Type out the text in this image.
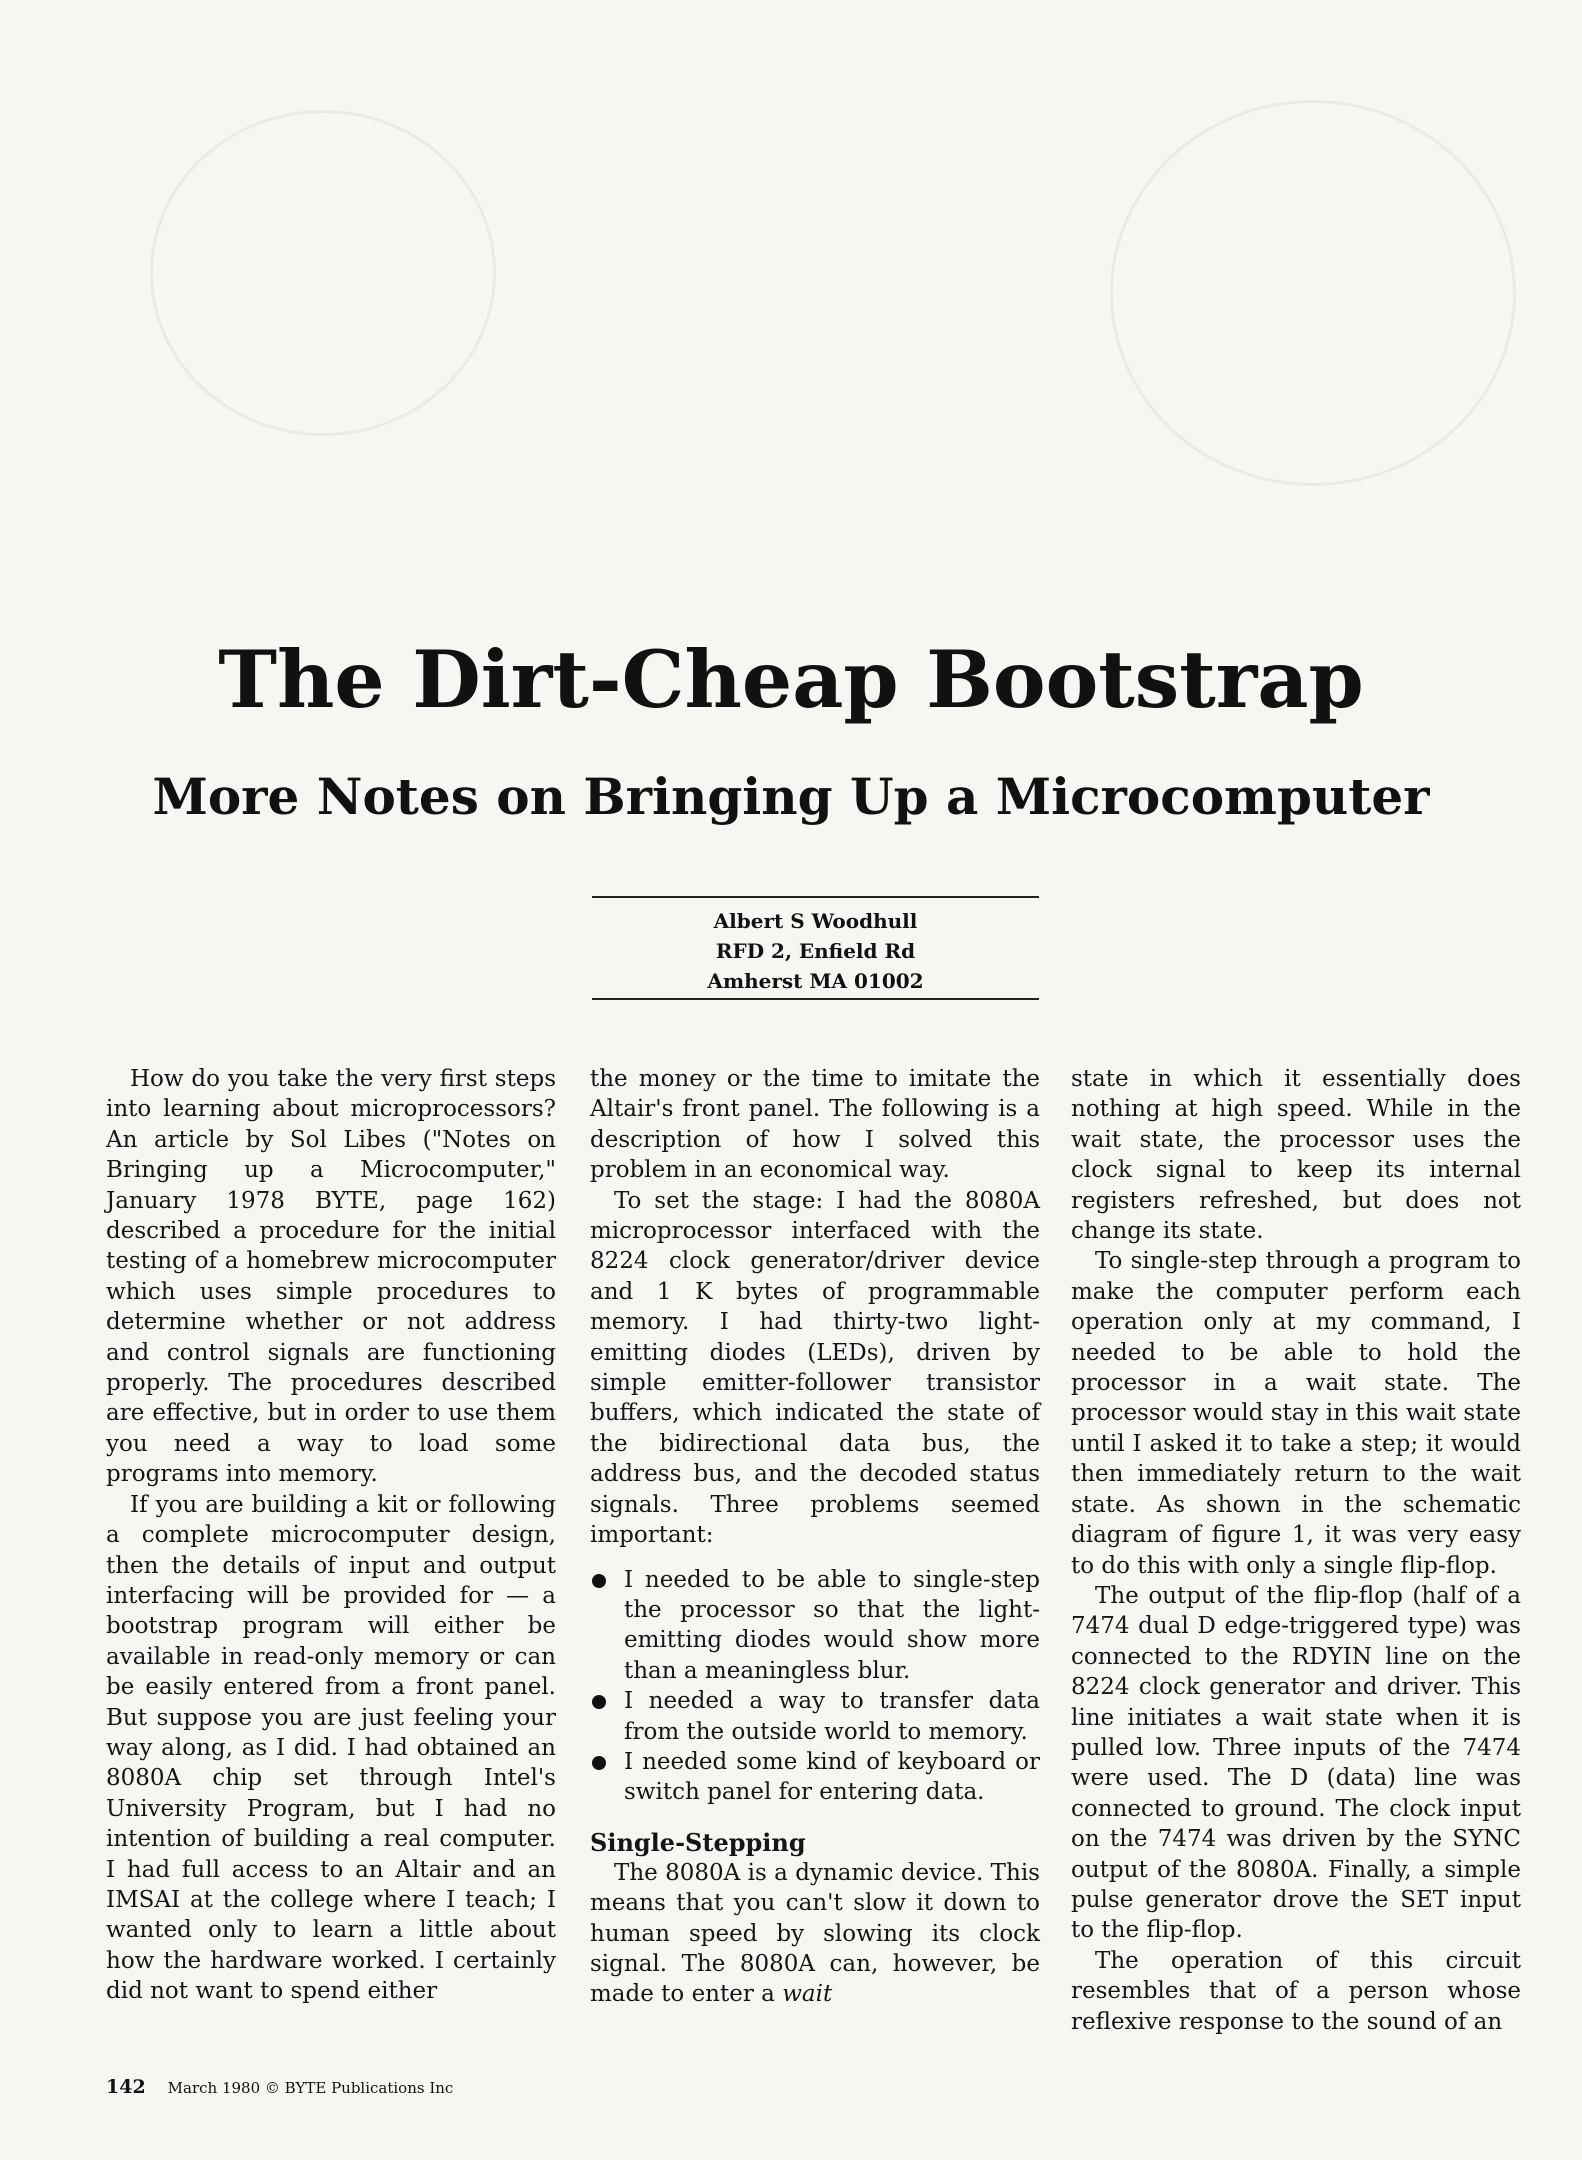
The Dirt-Cheap Bootstrap
More Notes on Bringing Up a Microcomputer
Albert S Woodhull
RFD 2, Enfield Rd
Amherst MA 01002

How do you take the very first steps into learning about microprocessors? An article by Sol Libes ("Notes on Bringing up a Microcomputer," January 1978 BYTE, page 162) described a procedure for the initial testing of a homebrew microcomputer which uses simple procedures to determine whether or not address and control signals are functioning properly. The procedures described are effective, but in order to use them you need a way to load some programs into memory.

If you are building a kit or following a complete microcomputer design, then the details of input and output interfacing will be provided for — a bootstrap program will either be available in read-only memory or can be easily entered from a front panel. But suppose you are just feeling your way along, as I did. I had obtained an 8080A chip set through Intel's University Program, but I had no intention of building a real computer. I had full access to an Altair and an IMSAI at the college where I teach; I wanted only to learn a little about how the hardware worked. I certainly did not want to spend either

the money or the time to imitate the Altair's front panel. The following is a description of how I solved this problem in an economical way.

To set the stage: I had the 8080A microprocessor interfaced with the 8224 clock generator/driver device and 1 K bytes of programmable memory. I had thirty-two light-emitting diodes (LEDs), driven by simple emitter-follower transistor buffers, which indicated the state of the bidirectional data bus, the address bus, and the decoded status signals. Three problems seemed important:

I needed to be able to single-step the processor so that the light-emitting diodes would show more than a meaningless blur.
I needed a way to transfer data from the outside world to memory.
I needed some kind of keyboard or switch panel for entering data.
Single-Stepping

The 8080A is a dynamic device. This means that you can't slow it down to human speed by slowing its clock signal. The 8080A can, however, be made to enter a wait

state in which it essentially does nothing at high speed. While in the wait state, the processor uses the clock signal to keep its internal registers refreshed, but does not change its state.

To single-step through a program to make the computer perform each operation only at my command, I needed to be able to hold the processor in a wait state. The processor would stay in this wait state until I asked it to take a step; it would then immediately return to the wait state. As shown in the schematic diagram of figure 1, it was very easy to do this with only a single flip-flop.

The output of the flip-flop (half of a 7474 dual D edge-triggered type) was connected to the RDYIN line on the 8224 clock generator and driver. This line initiates a wait state when it is pulled low. Three inputs of the 7474 were used. The D (data) line was connected to ground. The clock input on the 7474 was driven by the SYNC output of the 8080A. Finally, a simple pulse generator drove the SET input to the flip-flop.

The operation of this circuit resembles that of a person whose reflexive response to the sound of an

142 March 1980 © BYTE Publications Inc
